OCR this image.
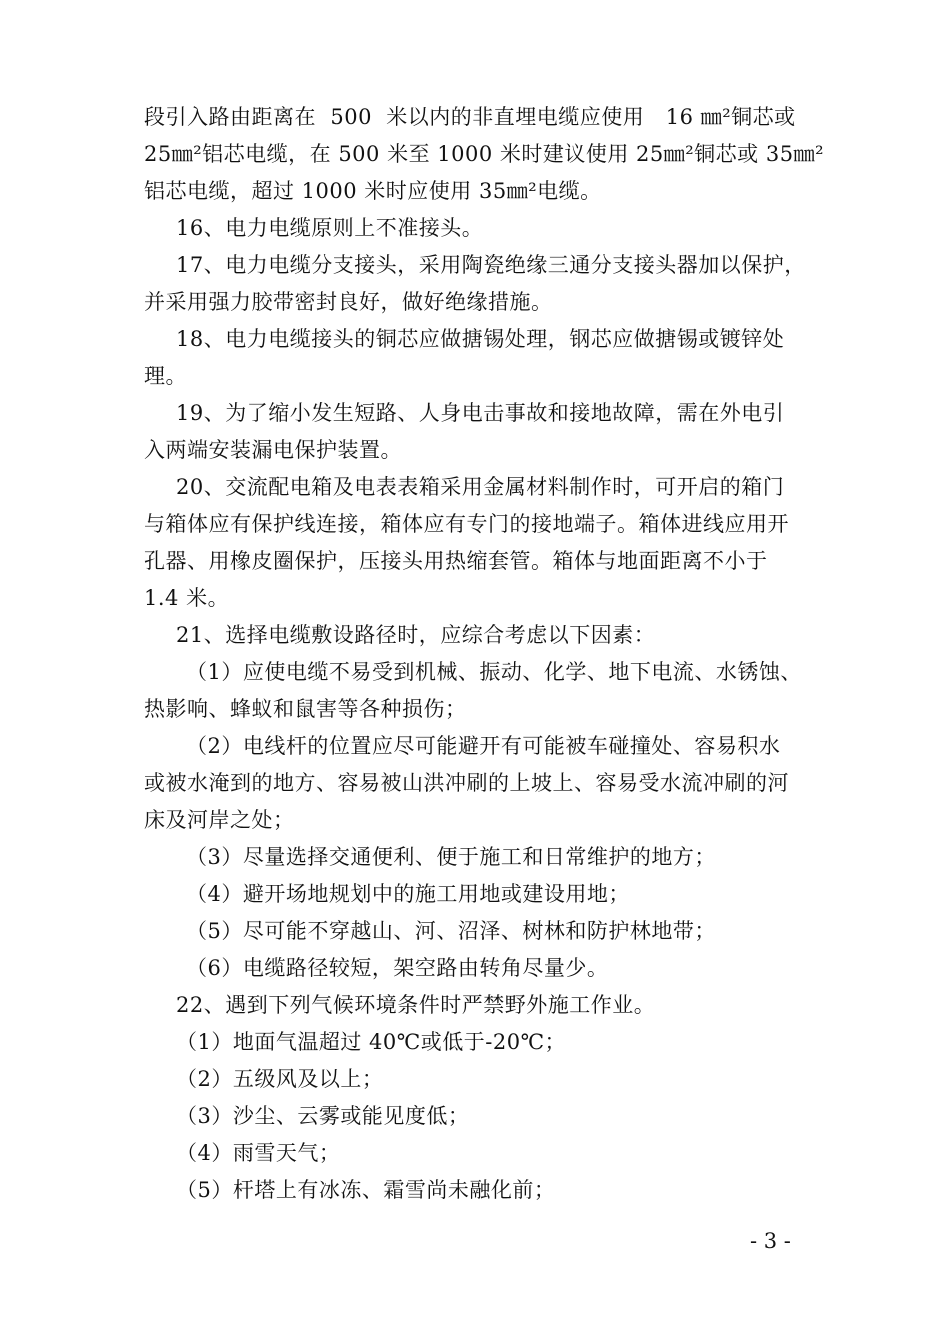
段引入路由距离在  500  米以内的非直埋电缆应使用   16 ㎜²铜芯或
25㎜²铝芯电缆，在 500 米至 1000 米时建议使用 25㎜²铜芯或 35㎜²
铝芯电缆，超过 1000 米时应使用 35㎜²电缆。
16、电力电缆原则上不准接头。
17、电力电缆分支接头，采用陶瓷绝缘三通分支接头器加以保护，
并采用强力胶带密封良好，做好绝缘措施。
18、电力电缆接头的铜芯应做搪锡处理，钢芯应做搪锡或镀锌处
理。
19、为了缩小发生短路、人身电击事故和接地故障，需在外电引
入两端安装漏电保护装置。
20、交流配电箱及电表表箱采用金属材料制作时，可开启的箱门
与箱体应有保护线连接，箱体应有专门的接地端子。箱体进线应用开
孔器、用橡皮圈保护，压接头用热缩套管。箱体与地面距离不小于
1.4 米。
21、选择电缆敷设路径时，应综合考虑以下因素：
（1）应使电缆不易受到机械、振动、化学、地下电流、水锈蚀、
热影响、蜂蚁和鼠害等各种损伤；
（2）电线杆的位置应尽可能避开有可能被车碰撞处、容易积水
或被水淹到的地方、容易被山洪冲刷的上坡上、容易受水流冲刷的河
床及河岸之处；
（3）尽量选择交通便利、便于施工和日常维护的地方；
（4）避开场地规划中的施工用地或建设用地；
（5）尽可能不穿越山、河、沼泽、树林和防护林地带；
（6）电缆路径较短，架空路由转角尽量少。
22、遇到下列气候环境条件时严禁野外施工作业。
（1）地面气温超过 40℃或低于-20℃；
（2）五级风及以上；
（3）沙尘、云雾或能见度低；
（4）雨雪天气；
（5）杆塔上有冰冻、霜雪尚未融化前；
- 3 -
